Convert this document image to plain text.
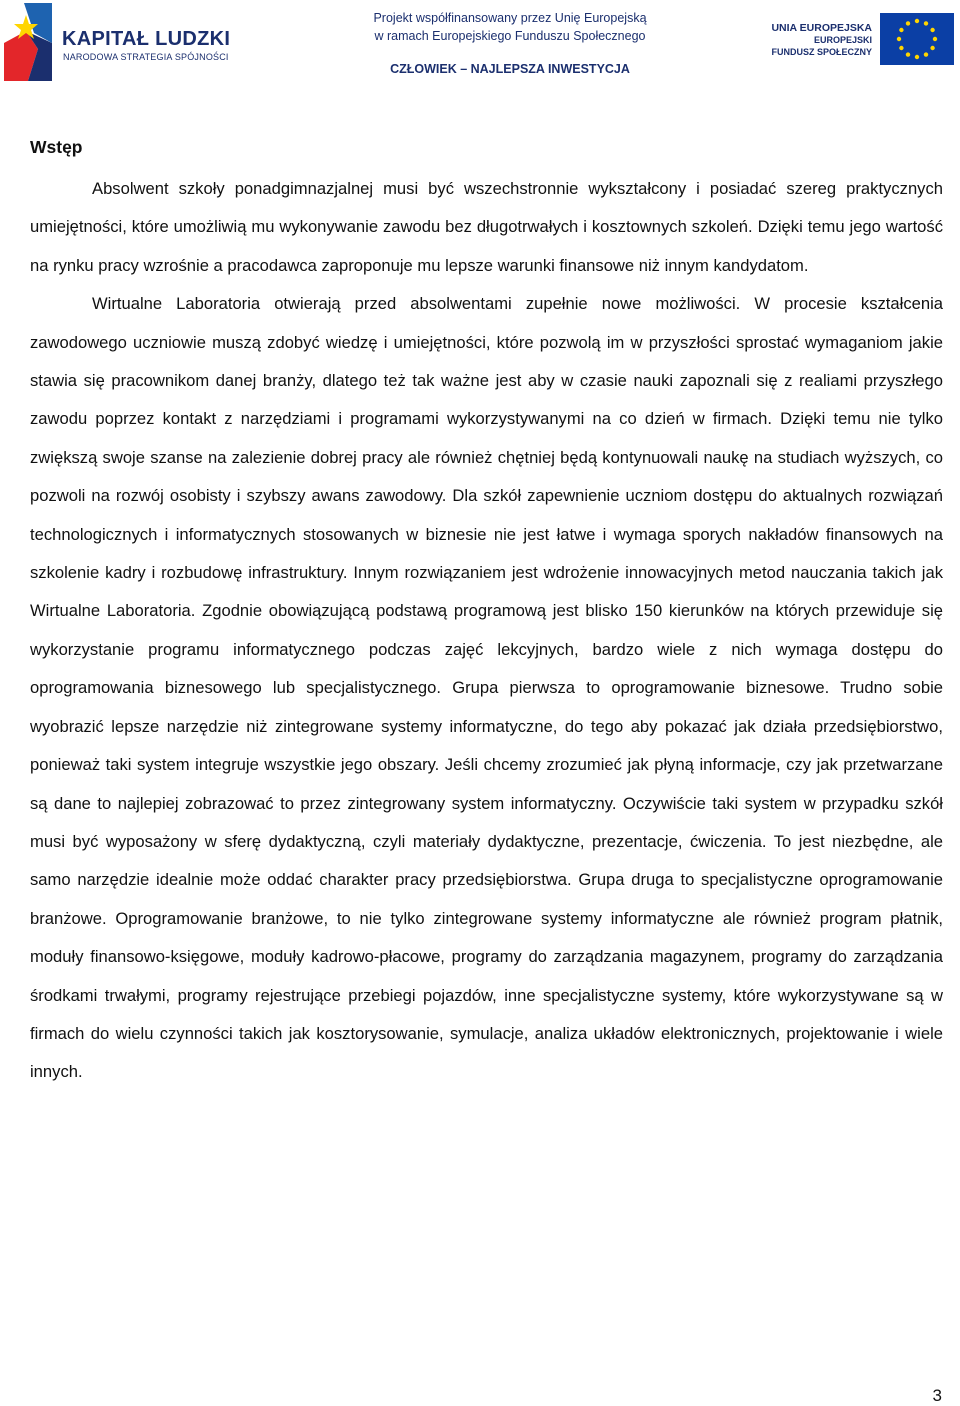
KAPITAŁ LUDZKI
NARODOWA STRATEGIA SPÓJNOŚCI
Projekt współfinansowany przez Unię Europejską
w ramach Europejskiego Funduszu Społecznego
CZŁOWIEK – NAJLEPSZA INWESTYCJA
UNIA EUROPEJSKA
EUROPEJSKI
FUNDUSZ SPOŁECZNY
Wstęp

Absolwent szkoły ponadgimnazjalnej musi być wszechstronnie wykształcony i posiadać szereg praktycznych umiejętności, które umożliwią mu wykonywanie zawodu bez długotrwałych i kosztownych szkoleń. Dzięki temu jego wartość na rynku pracy wzrośnie a pracodawca zaproponuje mu lepsze warunki finansowe niż innym kandydatom.

Wirtualne Laboratoria otwierają przed absolwentami zupełnie nowe możliwości. W procesie kształcenia zawodowego uczniowie muszą zdobyć wiedzę i umiejętności, które pozwolą im w przyszłości sprostać wymaganiom jakie stawia się pracownikom danej branży, dlatego też tak ważne jest aby w czasie nauki zapoznali się z realiami przyszłego zawodu poprzez kontakt z narzędziami i programami wykorzystywanymi na co dzień w firmach. Dzięki temu nie tylko zwiększą swoje szanse na zalezienie dobrej pracy ale również chętniej będą kontynuowali naukę na studiach wyższych, co pozwoli na rozwój osobisty i szybszy awans zawodowy. Dla szkół zapewnienie uczniom dostępu do aktualnych rozwiązań technologicznych i informatycznych stosowanych w biznesie nie jest łatwe i wymaga sporych nakładów finansowych na szkolenie kadry i rozbudowę infrastruktury. Innym rozwiązaniem jest wdrożenie innowacyjnych metod nauczania takich jak Wirtualne Laboratoria. Zgodnie obowiązującą podstawą programową jest blisko 150 kierunków na których przewiduje się wykorzystanie programu informatycznego podczas zajęć lekcyjnych, bardzo wiele z nich wymaga dostępu do oprogramowania biznesowego lub specjalistycznego. Grupa pierwsza to oprogramowanie biznesowe. Trudno sobie wyobrazić lepsze narzędzie niż zintegrowane systemy informatyczne, do tego aby pokazać jak działa przedsiębiorstwo, ponieważ taki system integruje wszystkie jego obszary. Jeśli chcemy zrozumieć jak płyną informacje, czy jak przetwarzane są dane to najlepiej zobrazować to przez zintegrowany system informatyczny. Oczywiście taki system w przypadku szkół musi być wyposażony w sferę dydaktyczną, czyli materiały dydaktyczne, prezentacje, ćwiczenia. To jest niezbędne, ale samo narzędzie idealnie może oddać charakter pracy przedsiębiorstwa. Grupa druga to specjalistyczne oprogramowanie branżowe. Oprogramowanie branżowe, to nie tylko zintegrowane systemy informatyczne ale również program płatnik, moduły finansowo-księgowe, moduły kadrowo-płacowe, programy do zarządzania magazynem, programy do zarządzania środkami trwałymi, programy rejestrujące przebiegi pojazdów, inne specjalistyczne systemy, które wykorzystywane są w firmach do wielu czynności takich jak kosztorysowanie, symulacje, analiza układów elektronicznych, projektowanie i wiele innych.

3
